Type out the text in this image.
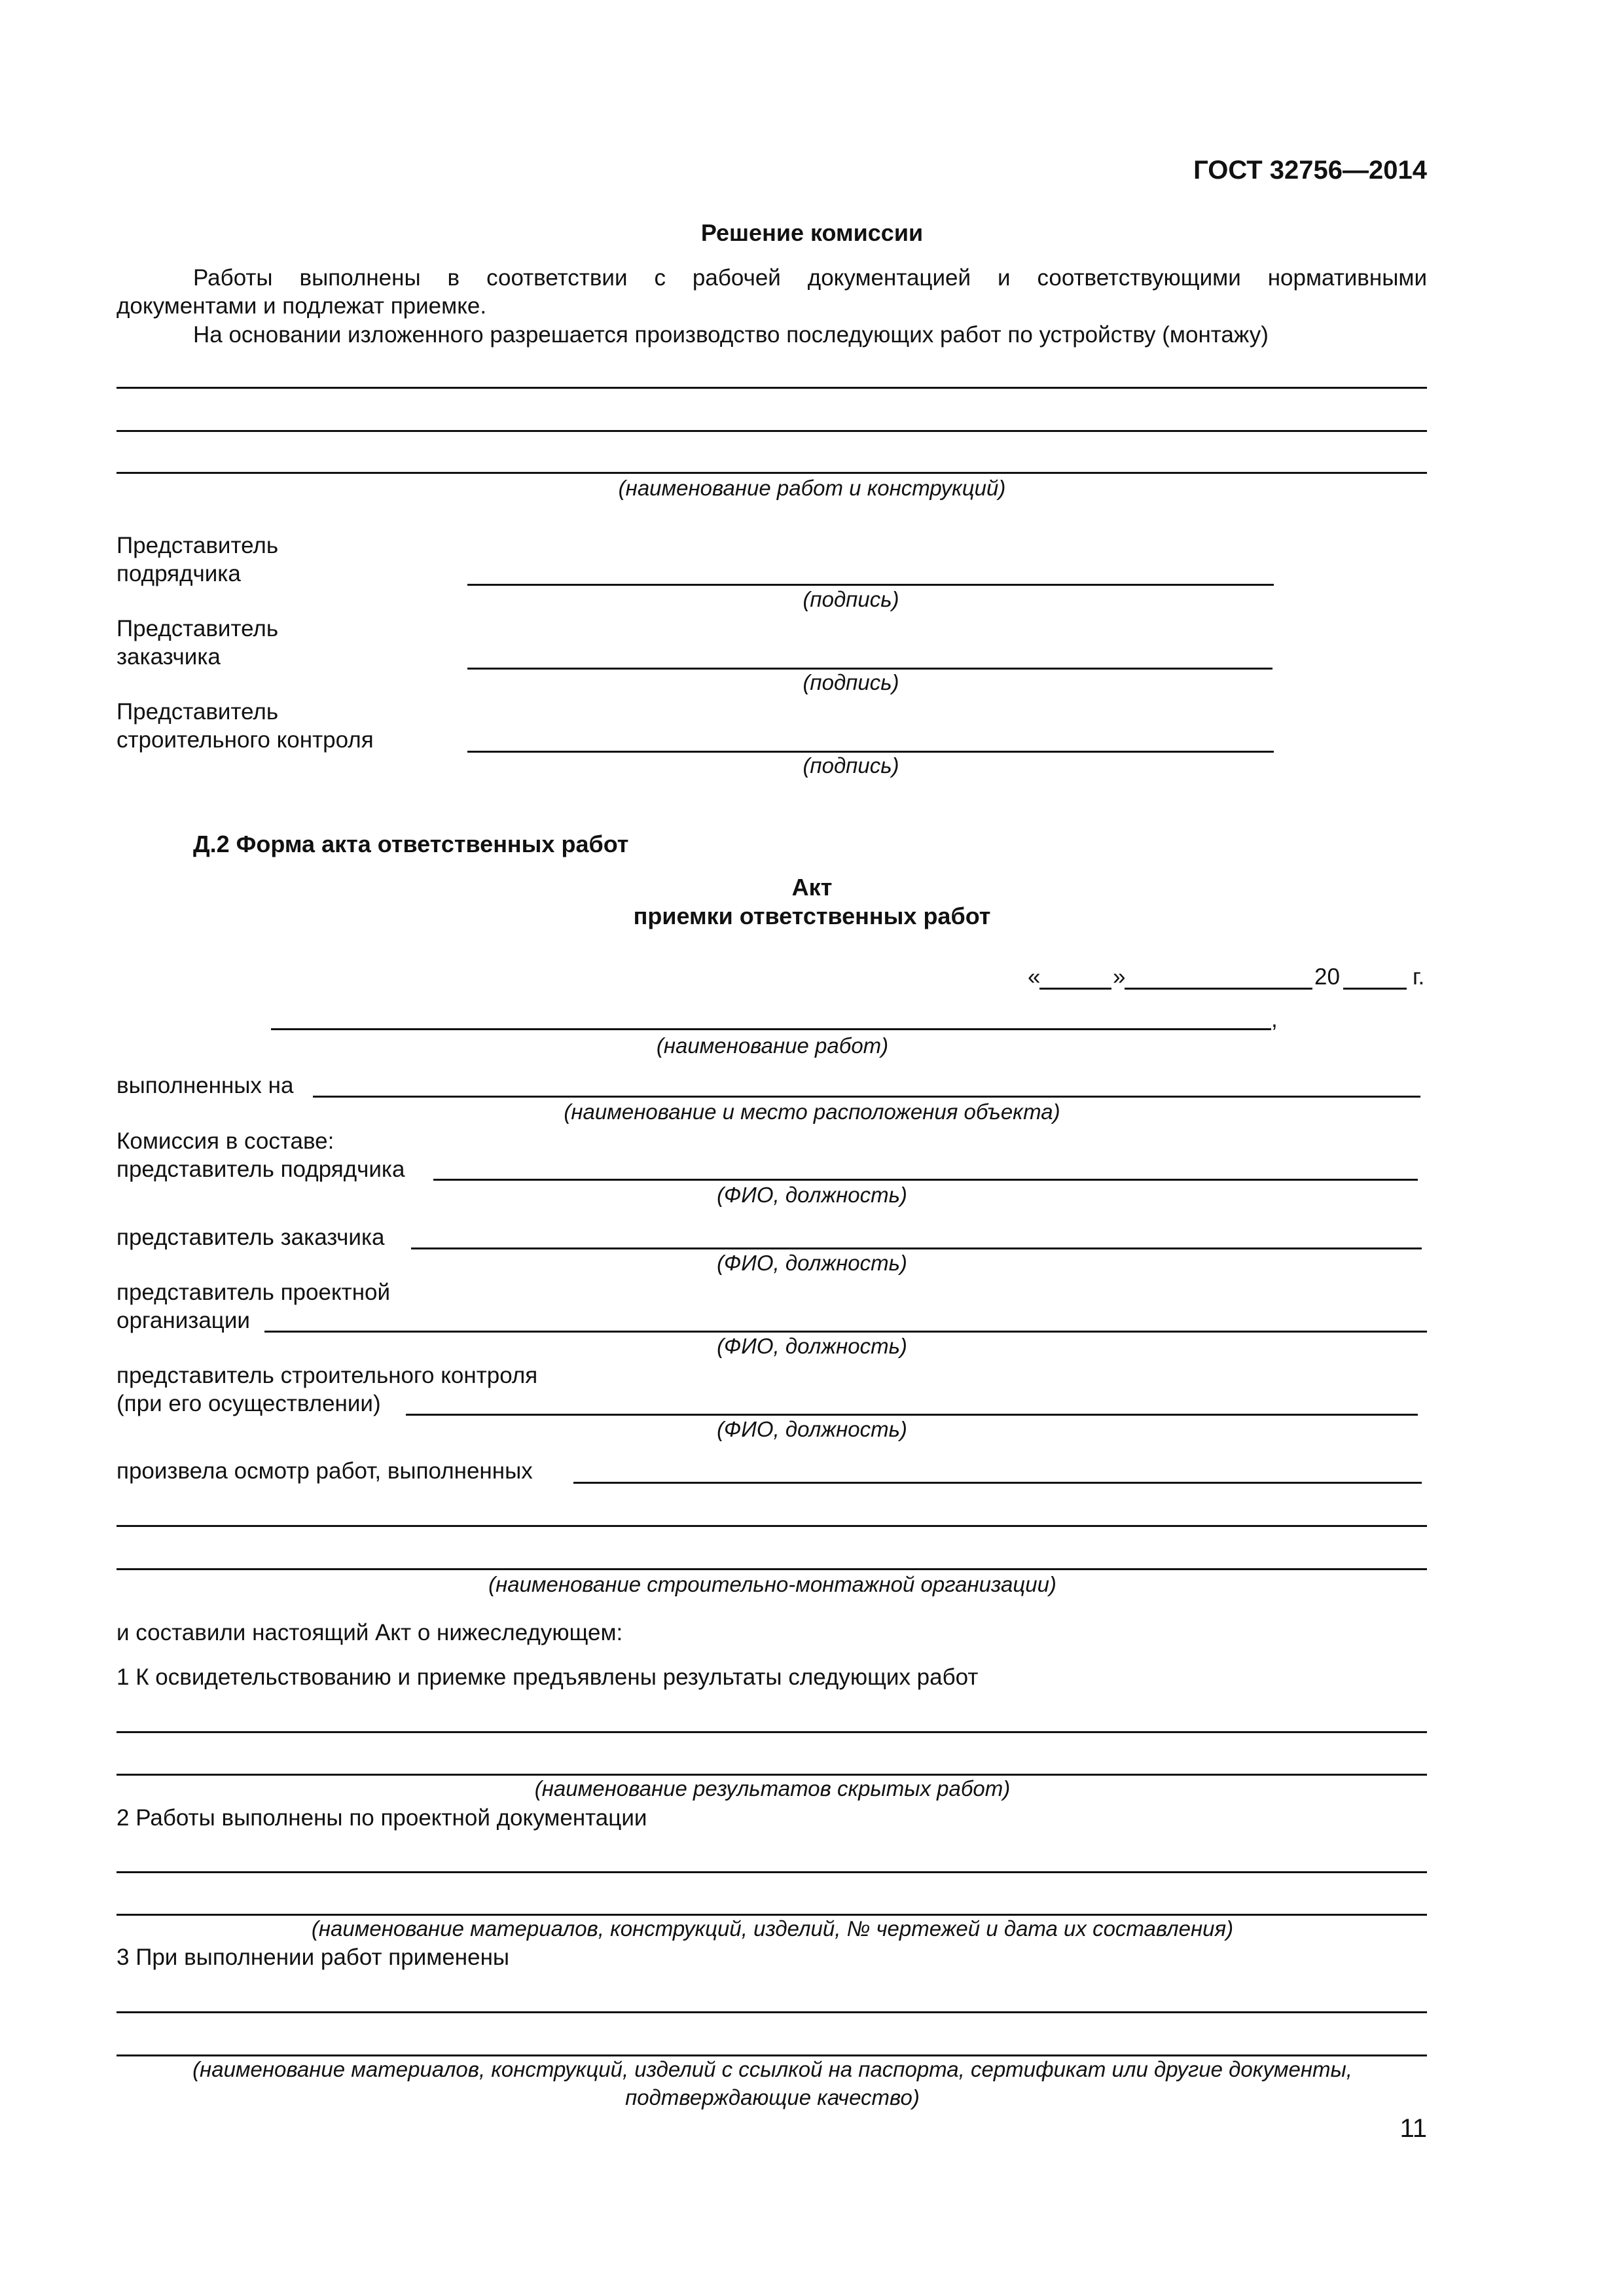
ГОСТ 32756—2014
Решение комиссии
Работы выполнены в соответствии с рабочей документацией и соответствующими нормативными
документами и подлежат приемке.
На основании изложенного разрешается производство последующих работ по устройству (монтажу)
(наименование работ и конструкций)
Представитель
подрядчика
(подпись)
Представитель
заказчика
(подпись)
Представитель
строительного контроля
(подпись)
Д.2 Форма акта ответственных работ
Акт
приемки ответственных работ
«	»	20	г.
,
(наименование работ)
выполненных на
(наименование и место расположения объекта)
Комиссия в составе:
представитель подрядчика
(ФИО, должность)
представитель заказчика
(ФИО, должность)
представитель проектной
организации
(ФИО, должность)
представитель строительного контроля
(при его осуществлении)
(ФИО, должность)
произвела осмотр работ, выполненных
(наименование строительно-монтажной организации)
и составили настоящий Акт о нижеследующем:
1 К освидетельствованию и приемке предъявлены результаты следующих работ
(наименование результатов скрытых работ)
2 Работы выполнены по проектной документации
(наименование материалов, конструкций, изделий, № чертежей и дата их составления)
3 При выполнении работ применены
(наименование материалов, конструкций, изделий с ссылкой на паспорта, сертификат или другие документы,
подтверждающие качество)
11
